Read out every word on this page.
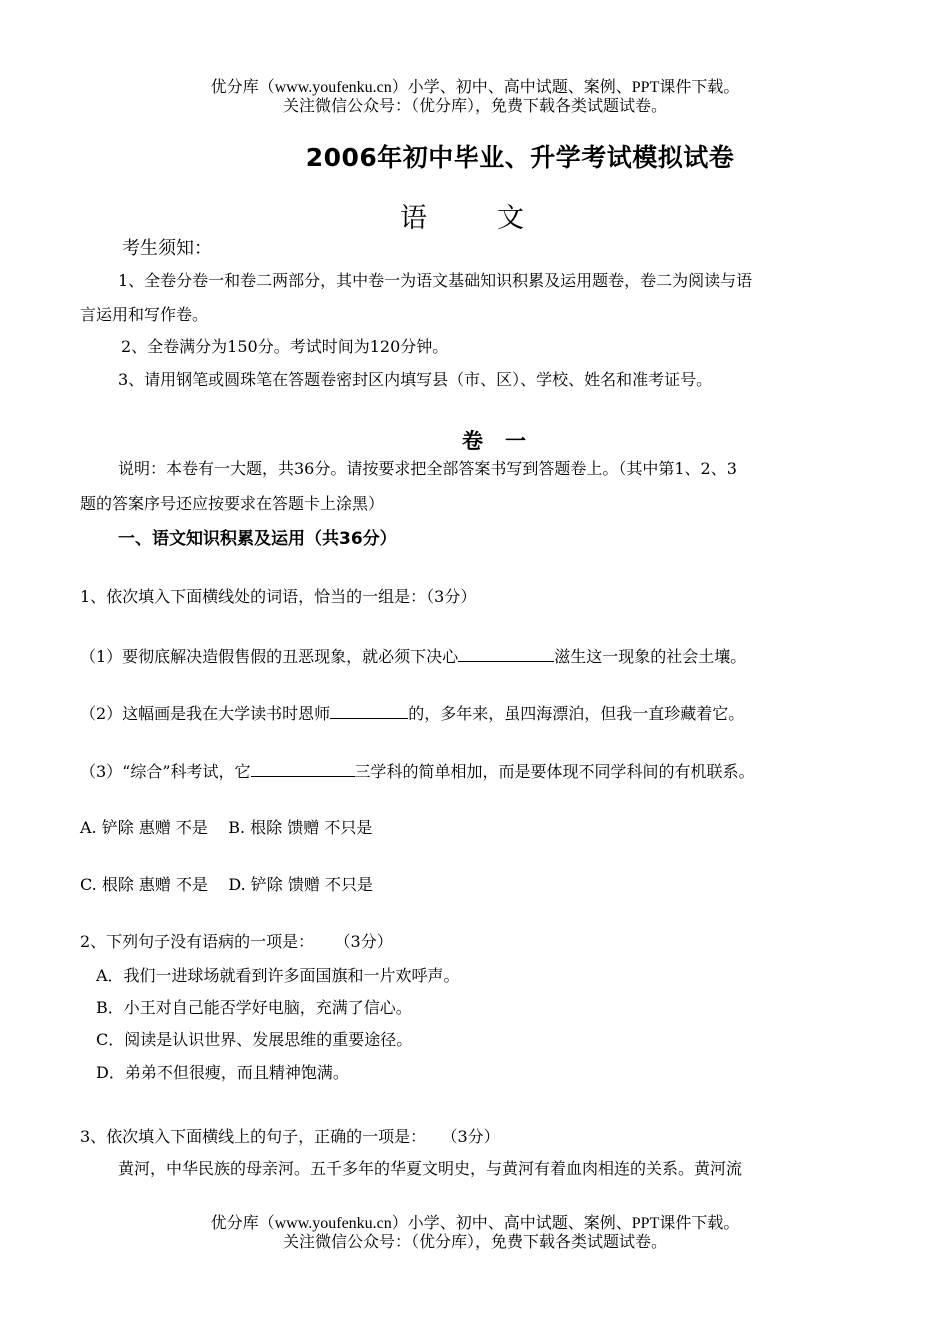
优分库（www.youfenku.cn）小学、初中、高中试题、案例、PPT课件下载。
关注微信公众号：（优分库），免费下载各类试题试卷。
2006年初中毕业、升学考试模拟试卷
语文
考生须知：
1、全卷分卷一和卷二两部分，其中卷一为语文基础知识积累及运用题卷，卷二为阅读与语
言运用和写作卷。
2、全卷满分为150分。考试时间为120分钟。
3、请用钢笔或圆珠笔在答题卷密封区内填写县（市、区）、学校、姓名和准考证号。
卷一
说明：本卷有一大题，共36分。请按要求把全部答案书写到答题卷上。（其中第1、2、3
题的答案序号还应按要求在答题卡上涂黑）
一、语文知识积累及运用（共36分）
1、依次填入下面横线处的词语，恰当的一组是：（3分）
（1）要彻底解决造假售假的丑恶现象，就必须下决心	滋生这一现象的社会土壤。
（2）这幅画是我在大学读书时恩师	的，多年来，虽四海漂泊，但我一直珍藏着它。
（3）“综合”科考试，它	三学科的简单相加，而是要体现不同学科间的有机联系。
A. 铲除 惠赠 不是    B. 根除 馈赠 不只是
C. 根除 惠赠 不是    D. 铲除 馈赠 不只是
2、下列句子没有语病的一项是：    （3分）
A．我们一进球场就看到许多面国旗和一片欢呼声。
B．小王对自己能否学好电脑，充满了信心。
C．阅读是认识世界、发展思维的重要途径。
D．弟弟不但很瘦，而且精神饱满。
3、依次填入下面横线上的句子，正确的一项是：   （3分）
黄河，中华民族的母亲河。五千多年的华夏文明史，与黄河有着血肉相连的关系。黄河流
优分库（www.youfenku.cn）小学、初中、高中试题、案例、PPT课件下载。
关注微信公众号：（优分库），免费下载各类试题试卷。
